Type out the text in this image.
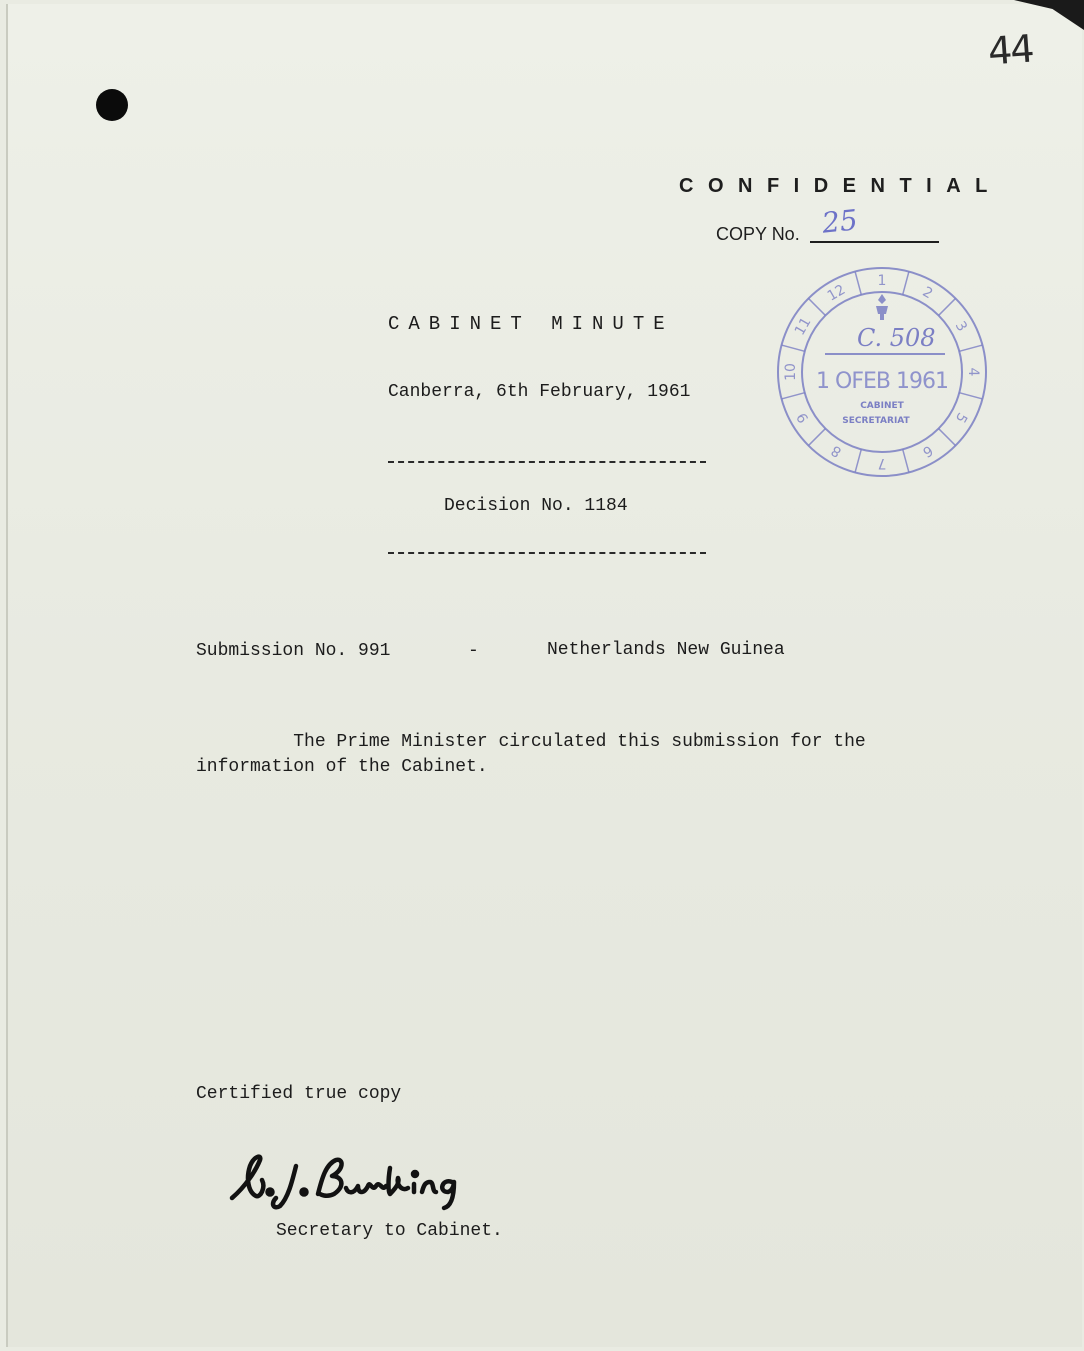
44
CONFIDENTIAL
COPY No. 25
1
2
3
4
5
6
7
8
9
10
11
12
C. 508
1 OFEB 1961
CABINET
SECRETARIAT
CABINET MINUTE
Canberra, 6th February, 1961
Decision No. 1184
Submission No. 991	-	Netherlands New Guinea
The Prime Minister circulated this submission for the
information of the Cabinet.
Certified true copy
Secretary to Cabinet.
